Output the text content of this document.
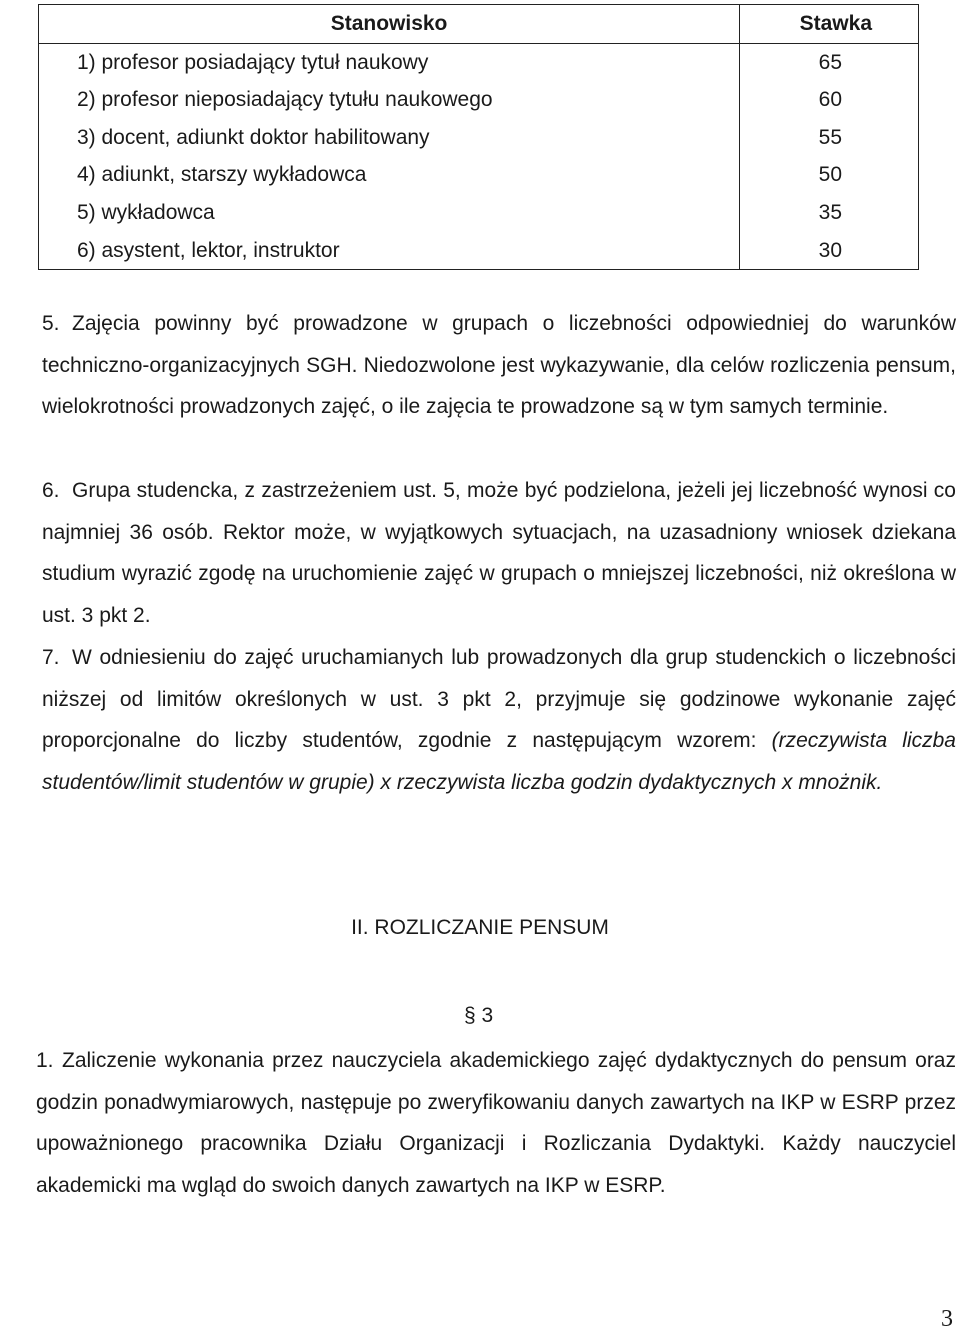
Stanowisko	Stawka
1) profesor posiadający tytuł naukowy	65
2) profesor nieposiadający tytułu naukowego	60
3) docent, adiunkt doktor habilitowany	55
4) adiunkt, starszy wykładowca	50
5) wykładowca	35
6) asystent, lektor, instruktor	30

5. Zajęcia powinny być prowadzone w grupach o liczebności odpowiedniej do warunków techniczno-organizacyjnych SGH. Niedozwolone jest wykazywanie, dla celów rozliczenia pensum, wielokrotności prowadzonych zajęć, o ile zajęcia te prowadzone są w tym samych terminie.

6. Grupa studencka, z zastrzeżeniem ust. 5, może być podzielona, jeżeli jej liczebność wynosi co najmniej 36 osób. Rektor może, w wyjątkowych sytuacjach, na uzasadniony wniosek dziekana studium wyrazić zgodę na uruchomienie zajęć w grupach o mniejszej liczebności, niż określona w ust. 3 pkt 2.

7. W odniesieniu do zajęć uruchamianych lub prowadzonych dla grup studenckich o liczebności niższej od limitów określonych w ust. 3 pkt 2, przyjmuje się godzinowe wykonanie zajęć proporcjonalne do liczby studentów, zgodnie z następującym wzorem: (rzeczywista liczba studentów/limit studentów w grupie) x rzeczywista liczba godzin dydaktycznych x mnożnik.

II. ROZLICZANIE PENSUM

§ 3

1. Zaliczenie wykonania przez nauczyciela akademickiego zajęć dydaktycznych do pensum oraz godzin ponadwymiarowych, następuje po zweryfikowaniu danych zawartych na IKP w ESRP przez upoważnionego pracownika Działu Organizacji i Rozliczania Dydaktyki. Każdy nauczyciel akademicki ma wgląd do swoich danych zawartych na IKP w ESRP.

3
